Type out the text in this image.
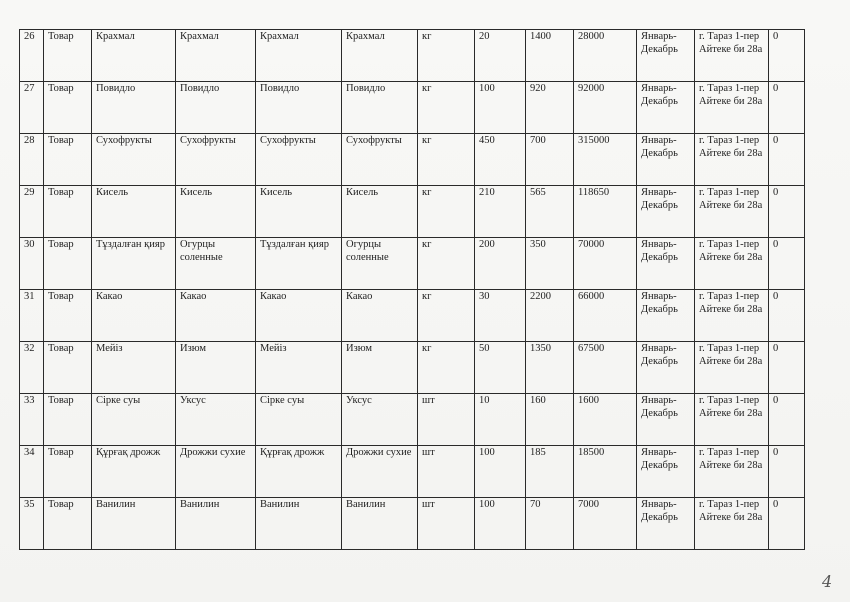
26	Товар	Крахмал	Крахмал	Крахмал	Крахмал	кг	20	1400	28000	Январь-Декабрь	г. Тараз 1-пер Айтеке би 28а	0
27	Товар	Повидло	Повидло	Повидло	Повидло	кг	100	920	92000	Январь-Декабрь	г. Тараз 1-пер Айтеке би 28а	0
28	Товар	Сухофрукты	Сухофрукты	Сухофрукты	Сухофрукты	кг	450	700	315000	Январь-Декабрь	г. Тараз 1-пер Айтеке би 28а	0
29	Товар	Кисель	Кисель	Кисель	Кисель	кг	210	565	118650	Январь-Декабрь	г. Тараз 1-пер Айтеке би 28а	0
30	Товар	Тұздалған қияр	Огурцы соленные	Тұздалған қияр	Огурцы соленные	кг	200	350	70000	Январь-Декабрь	г. Тараз 1-пер Айтеке би 28а	0
31	Товар	Какао	Какао	Какао	Какао	кг	30	2200	66000	Январь-Декабрь	г. Тараз 1-пер Айтеке би 28а	0
32	Товар	Мейіз	Изюм	Мейіз	Изюм	кг	50	1350	67500	Январь-Декабрь	г. Тараз 1-пер Айтеке би 28а	0
33	Товар	Сірке суы	Уксус	Сірке суы	Уксус	шт	10	160	1600	Январь-Декабрь	г. Тараз 1-пер Айтеке би 28а	0
34	Товар	Құрғақ дрожж	Дрожжи сухие	Құрғақ дрожж	Дрожжи сухие	шт	100	185	18500	Январь-Декабрь	г. Тараз 1-пер Айтеке би 28а	0
35	Товар	Ванилин	Ванилин	Ванилин	Ванилин	шт	100	70	7000	Январь-Декабрь	г. Тараз 1-пер Айтеке би 28а	0
4
